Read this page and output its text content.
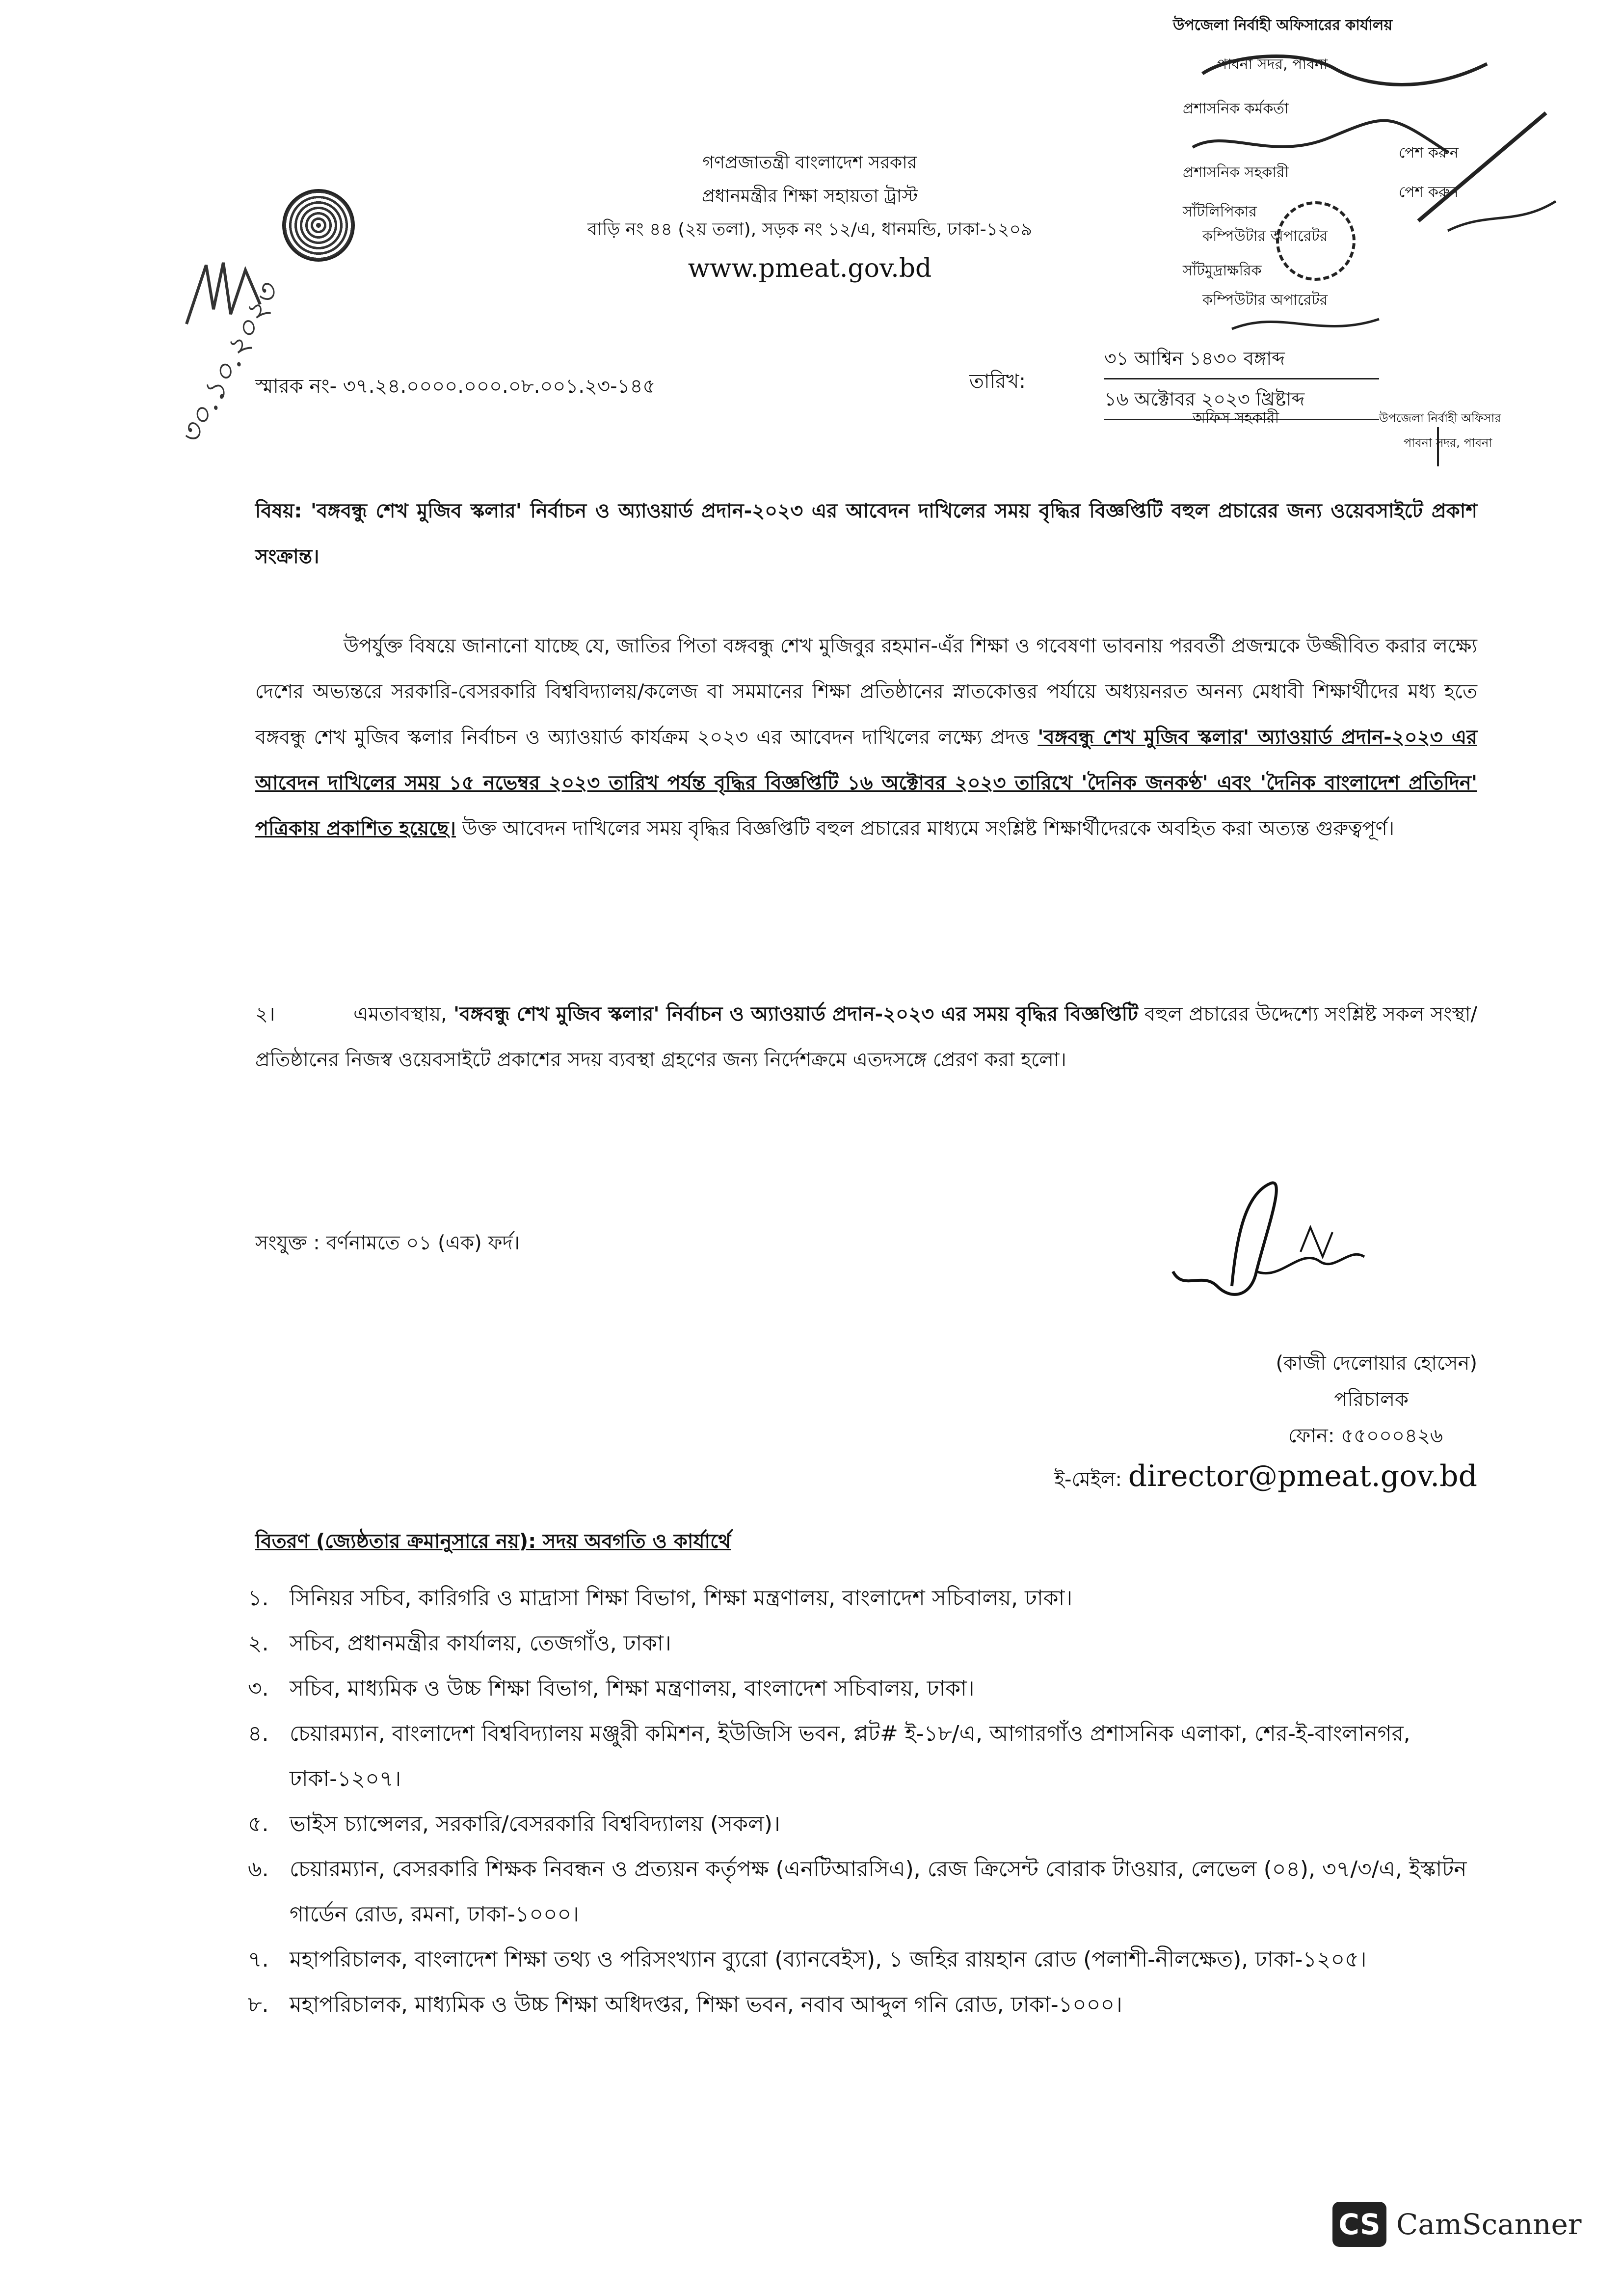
গণপ্রজাতন্ত্রী বাংলাদেশ সরকার
প্রধানমন্ত্রীর শিক্ষা সহায়তা ট্রাস্ট
বাড়ি নং ৪৪ (২য় তলা), সড়ক নং ১২/এ, ধানমন্ডি, ঢাকা-১২০৯
www.pmeat.gov.bd
৩০.১০.২০২৩
উপজেলা নির্বাহী অফিসারের কার্যালয়
পাবনা সদর, পাবনা
প্রশাসনিক কর্মকর্তা
প্রশাসনিক সহকারী
সাঁটলিপিকার
কম্পিউটার অপারেটর
সাঁটমুদ্রাক্ষরিক
কম্পিউটার অপারেটর
অফিস সহকারী
পেশ করুন
পেশ করুন
উপজেলা নির্বাহী অফিসার
পাবনা সদর, পাবনা
স্মারক নং- ৩৭.২৪.০০০০.০০০.০৮.০০১.২৩-১৪৫	তারিখ:
৩১ আশ্বিন ১৪৩০ বঙ্গাব্দ
১৬ অক্টোবর ২০২৩ খ্রিষ্টাব্দ
বিষয়: 'বঙ্গবন্ধু শেখ মুজিব স্কলার' নির্বাচন ও অ্যাওয়ার্ড প্রদান-২০২৩ এর আবেদন দাখিলের সময় বৃদ্ধির বিজ্ঞপ্তিটি বহুল প্রচারের জন্য ওয়েবসাইটে প্রকাশ সংক্রান্ত।
উপর্যুক্ত বিষয়ে জানানো যাচ্ছে যে, জাতির পিতা বঙ্গবন্ধু শেখ মুজিবুর রহমান-এঁর শিক্ষা ও গবেষণা ভাবনায় পরবর্তী প্রজন্মকে উজ্জীবিত করার লক্ষ্যে দেশের অভ্যন্তরে সরকারি-বেসরকারি বিশ্ববিদ্যালয়/কলেজ বা সমমানের শিক্ষা প্রতিষ্ঠানের স্নাতকোত্তর পর্যায়ে অধ্যয়নরত অনন্য মেধাবী শিক্ষার্থীদের মধ্য হতে বঙ্গবন্ধু শেখ মুজিব স্কলার নির্বাচন ও অ্যাওয়ার্ড কার্যক্রম ২০২৩ এর আবেদন দাখিলের লক্ষ্যে প্রদত্ত 'বঙ্গবন্ধু শেখ মুজিব স্কলার' অ্যাওয়ার্ড প্রদান-২০২৩ এর আবেদন দাখিলের সময় ১৫ নভেম্বর ২০২৩ তারিখ পর্যন্ত বৃদ্ধির বিজ্ঞপ্তিটি ১৬ অক্টোবর ২০২৩ তারিখে 'দৈনিক জনকণ্ঠ' এবং 'দৈনিক বাংলাদেশ প্রতিদিন' পত্রিকায় প্রকাশিত হয়েছে। উক্ত আবেদন দাখিলের সময় বৃদ্ধির বিজ্ঞপ্তিটি বহুল প্রচারের মাধ্যমে সংশ্লিষ্ট শিক্ষার্থীদেরকে অবহিত করা অত্যন্ত গুরুত্বপূর্ণ।
২।	এমতাবস্থায়, 'বঙ্গবন্ধু শেখ মুজিব স্কলার' নির্বাচন ও অ্যাওয়ার্ড প্রদান-২০২৩ এর সময় বৃদ্ধির বিজ্ঞপ্তিটি বহুল প্রচারের উদ্দেশ্যে সংশ্লিষ্ট সকল সংস্থা/প্রতিষ্ঠানের নিজস্ব ওয়েবসাইটে প্রকাশের সদয় ব্যবস্থা গ্রহণের জন্য নির্দেশক্রমে এতদসঙ্গে প্রেরণ করা হলো।
সংযুক্ত : বর্ণনামতে ০১ (এক) ফর্দ।
(কাজী দেলোয়ার হোসেন)
পরিচালক
ফোন: ৫৫০০০৪২৬
ই-মেইল: director@pmeat.gov.bd
বিতরণ (জ্যেষ্ঠতার ক্রমানুসারে নয়): সদয় অবগতি ও কার্যার্থে
১. সিনিয়র সচিব, কারিগরি ও মাদ্রাসা শিক্ষা বিভাগ, শিক্ষা মন্ত্রণালয়, বাংলাদেশ সচিবালয়, ঢাকা।
২. সচিব, প্রধানমন্ত্রীর কার্যালয়, তেজগাঁও, ঢাকা।
৩. সচিব, মাধ্যমিক ও উচ্চ শিক্ষা বিভাগ, শিক্ষা মন্ত্রণালয়, বাংলাদেশ সচিবালয়, ঢাকা।
৪. চেয়ারম্যান, বাংলাদেশ বিশ্ববিদ্যালয় মঞ্জুরী কমিশন, ইউজিসি ভবন, প্লট# ই-১৮/এ, আগারগাঁও প্রশাসনিক এলাকা, শের-ই-বাংলানগর, ঢাকা-১২০৭।
৫. ভাইস চ্যান্সেলর, সরকারি/বেসরকারি বিশ্ববিদ্যালয় (সকল)।
৬. চেয়ারম্যান, বেসরকারি শিক্ষক নিবন্ধন ও প্রত্যয়ন কর্তৃপক্ষ (এনটিআরসিএ), রেজ ক্রিসেন্ট বোরাক টাওয়ার, লেভেল (০৪), ৩৭/৩/এ, ইস্কাটন গার্ডেন রোড, রমনা, ঢাকা-১০০০।
৭. মহাপরিচালক, বাংলাদেশ শিক্ষা তথ্য ও পরিসংখ্যান ব্যুরো (ব্যানবেইস), ১ জহির রায়হান রোড (পলাশী-নীলক্ষেত), ঢাকা-১২০৫।
৮. মহাপরিচালক, মাধ্যমিক ও উচ্চ শিক্ষা অধিদপ্তর, শিক্ষা ভবন, নবাব আব্দুল গনি রোড, ঢাকা-১০০০।
CS CamScanner
